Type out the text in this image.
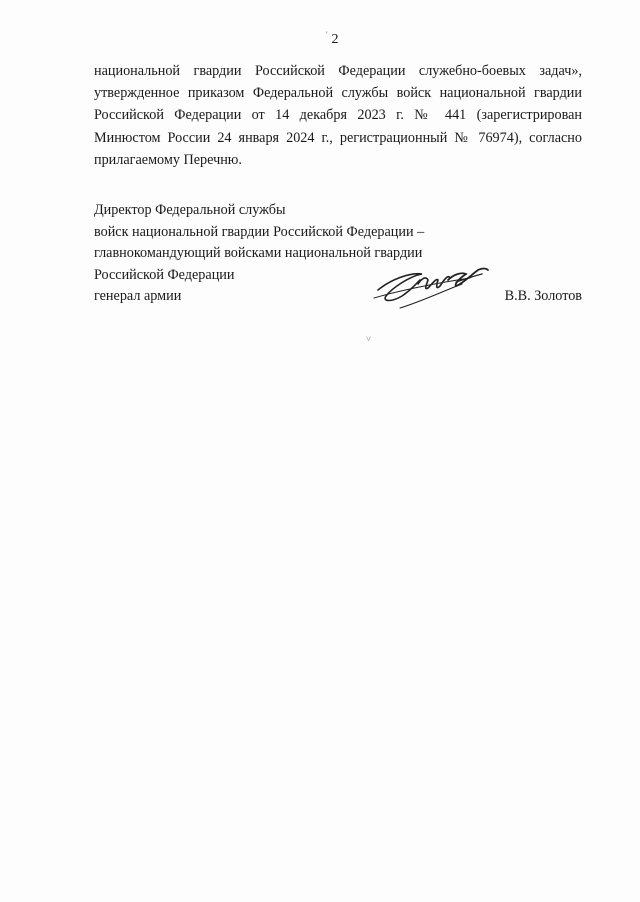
2
национальной гвардии Российской Федерации служебно-боевых задач»,
утвержденное приказом Федеральной службы войск национальной гвардии
Российской Федерации от 14 декабря 2023 г. № 441 (зарегистрирован
Минюстом России 24 января 2024 г., регистрационный № 76974), согласно
прилагаемому Перечню.
Директор Федеральной службы
войск национальной гвардии Российской Федерации –
главнокомандующий войсками национальной гвардии
Российской Федерации
генерал армии	В.В. Золотов
'
˅
